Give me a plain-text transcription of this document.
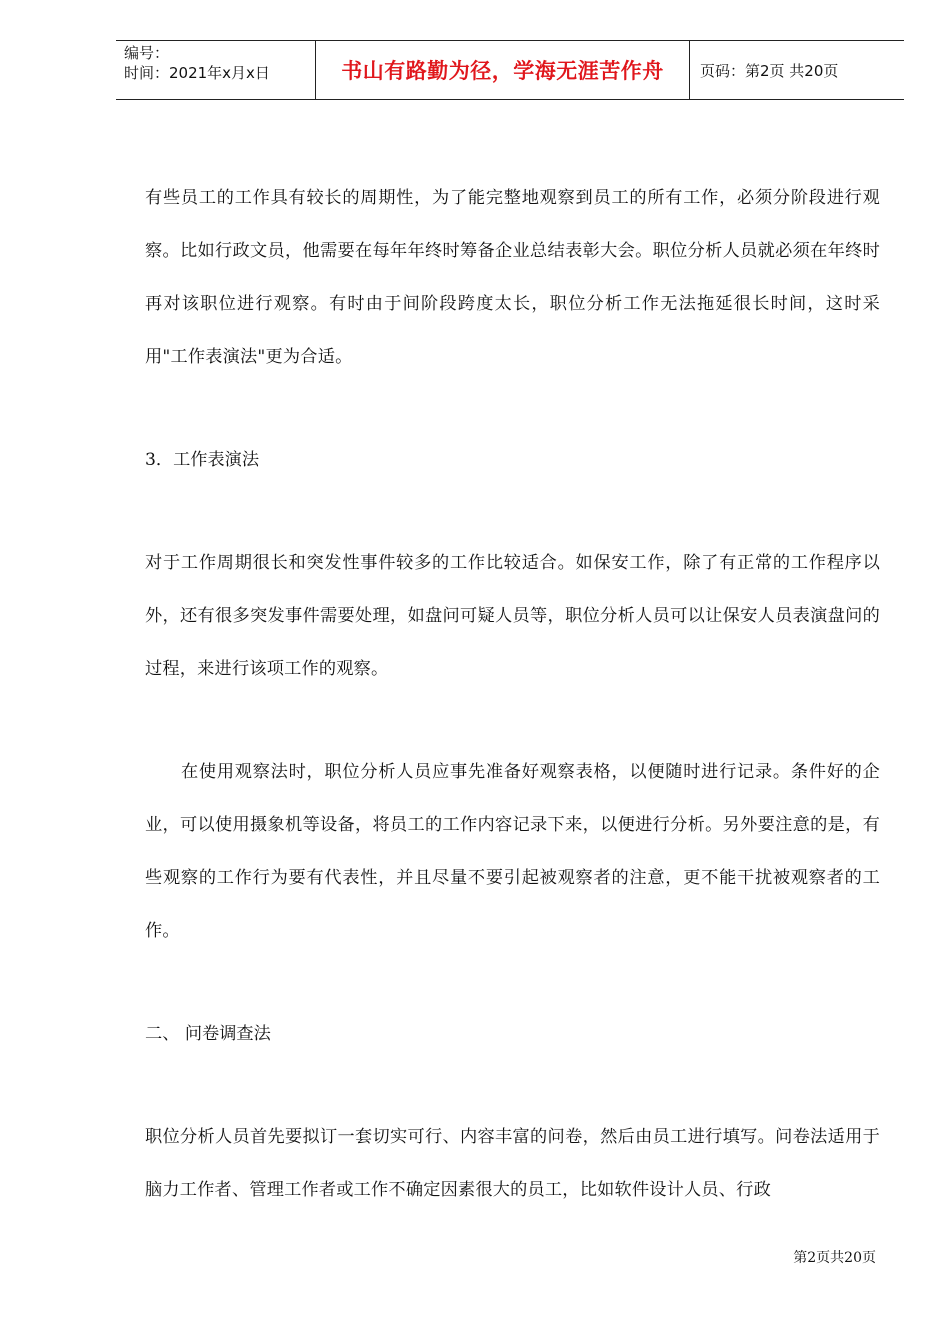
编号：
时间：2021年x月x日	书山有路勤为径，学海无涯苦作舟 页码：第2页 共20页

有些员工的工作具有较长的周期性，为了能完整地观察到员工的所有工作，必须分阶段进行观察。比如行政文员，他需要在每年年终时筹备企业总结表彰大会。职位分析人员就必须在年终时再对该职位进行观察。有时由于间阶段跨度太长，职位分析工作无法拖延很长时间，这时采用"工作表演法"更为合适。

3．工作表演法

对于工作周期很长和突发性事件较多的工作比较适合。如保安工作，除了有正常的工作程序以外，还有很多突发事件需要处理，如盘问可疑人员等，职位分析人员可以让保安人员表演盘问的过程，来进行该项工作的观察。

在使用观察法时，职位分析人员应事先准备好观察表格，以便随时进行记录。条件好的企业，可以使用摄象机等设备，将员工的工作内容记录下来，以便进行分析。另外要注意的是，有些观察的工作行为要有代表性，并且尽量不要引起被观察者的注意，更不能干扰被观察者的工作。

二、 问卷调查法

职位分析人员首先要拟订一套切实可行、内容丰富的问卷，然后由员工进行填写。问卷法适用于脑力工作者、管理工作者或工作不确定因素很大的员工，比如软件设计人员、行政

第2页共20页
